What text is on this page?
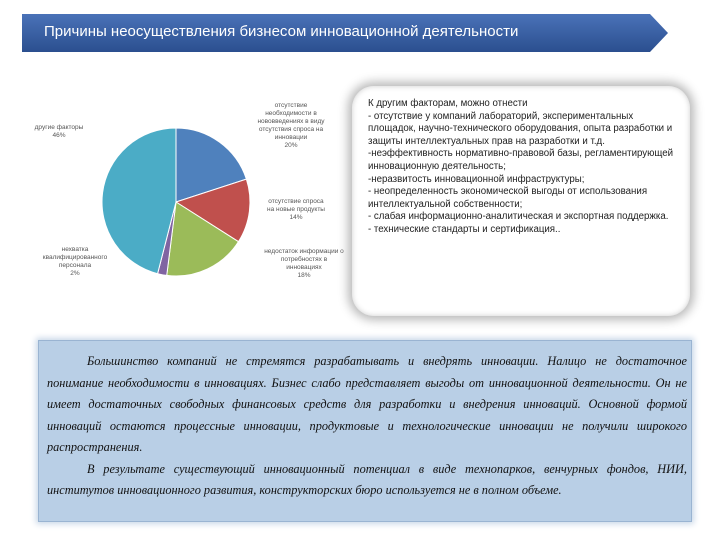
Причины неосуществления бизнесом инновационной деятельности
другие факторы
46%
отсутствие необходимости в нововведениях в виду отсутствия спроса на инновации
20%
отсутствие спроса на новые продукты
14%
недостаток информации о потребностях в инновациях
18%
нехватка квалифицированного персонала
2%
К другим факторам, можно отнести
- отсутствие у компаний лабораторий, экспериментальных площадок, научно-технического оборудования, опыта разработки и защиты интеллектуальных прав на разработки и т.д.
-неэффективность нормативно-правовой базы, регламентирующей инновационную деятельность;
-неразвитость инновационной инфраструктуры;
- неопределенность экономической выгоды от использования интеллектуальной собственности;
- слабая информационно-аналитическая и экспортная поддержка.
- технические стандарты и сертификация..

Большинство компаний не стремятся разрабатывать и внедрять инновации. Налицо не достаточное понимание необходимости в инновациях. Бизнес слабо представляет выгоды от инновационной деятельности. Он не имеет достаточных свободных финансовых средств для разработки и внедрения инноваций. Основной формой инноваций остаются процессные инновации, продуктовые и технологические инновации не получили широкого распространения.

В результате существующий инновационный потенциал в виде технопарков, венчурных фондов, НИИ, институтов инновационного развития, конструкторских бюро используется не в полном объеме.
